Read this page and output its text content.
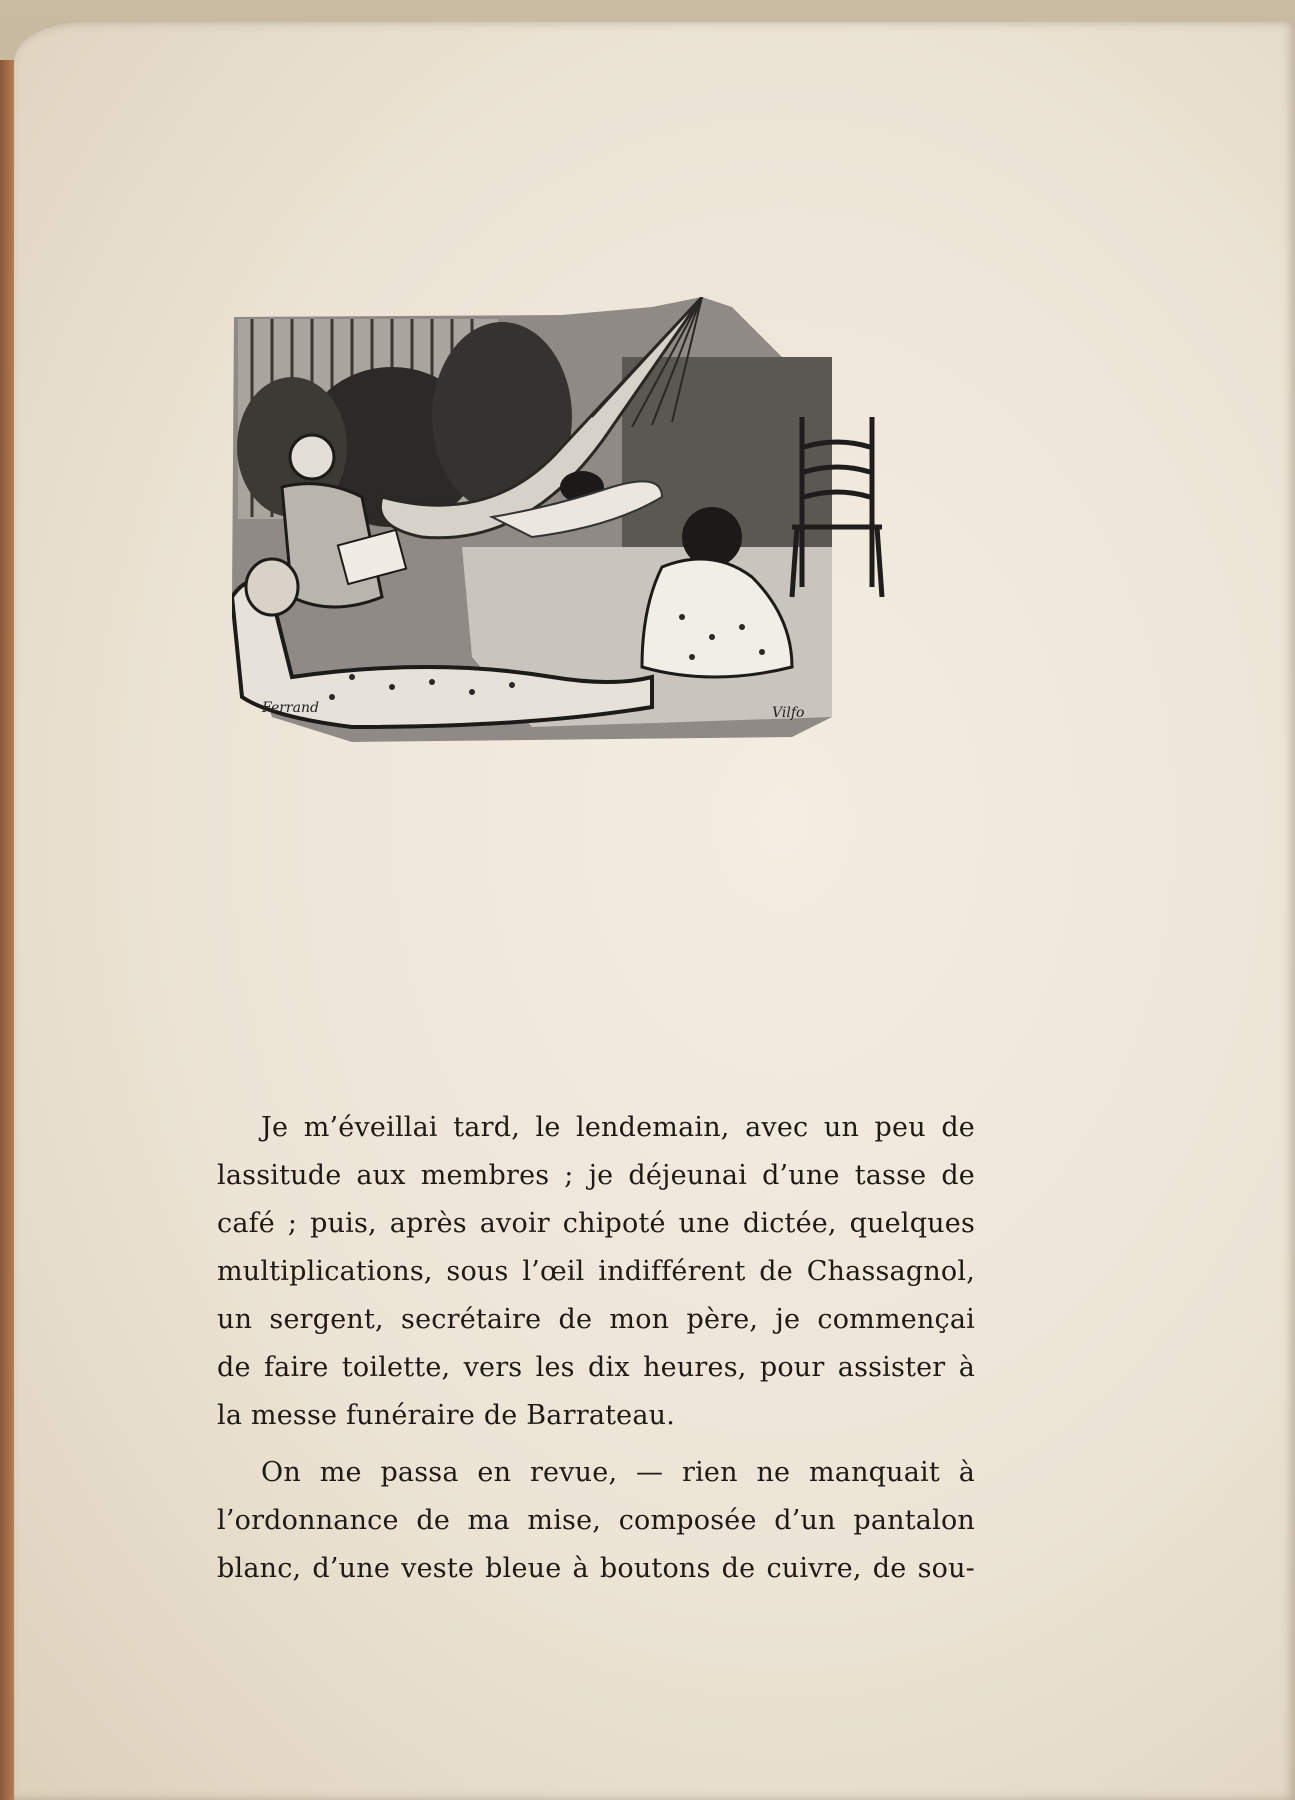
Vilfo
Ferrand

Je m’éveillai tard, le lendemain, avec un peu de
lassitude aux membres ; je déjeunai d’une tasse de
café ; puis, après avoir chipoté une dictée, quelques
multiplications, sous l’œil indifférent de Chassagnol,
un sergent, secrétaire de mon père, je commençai
de faire toilette, vers les dix heures, pour assister à
la messe funéraire de Barrateau.

On me passa en revue, — rien ne manquait à
l’ordonnance de ma mise, composée d’un pantalon
blanc, d’une veste bleue à boutons de cuivre, de sou-
